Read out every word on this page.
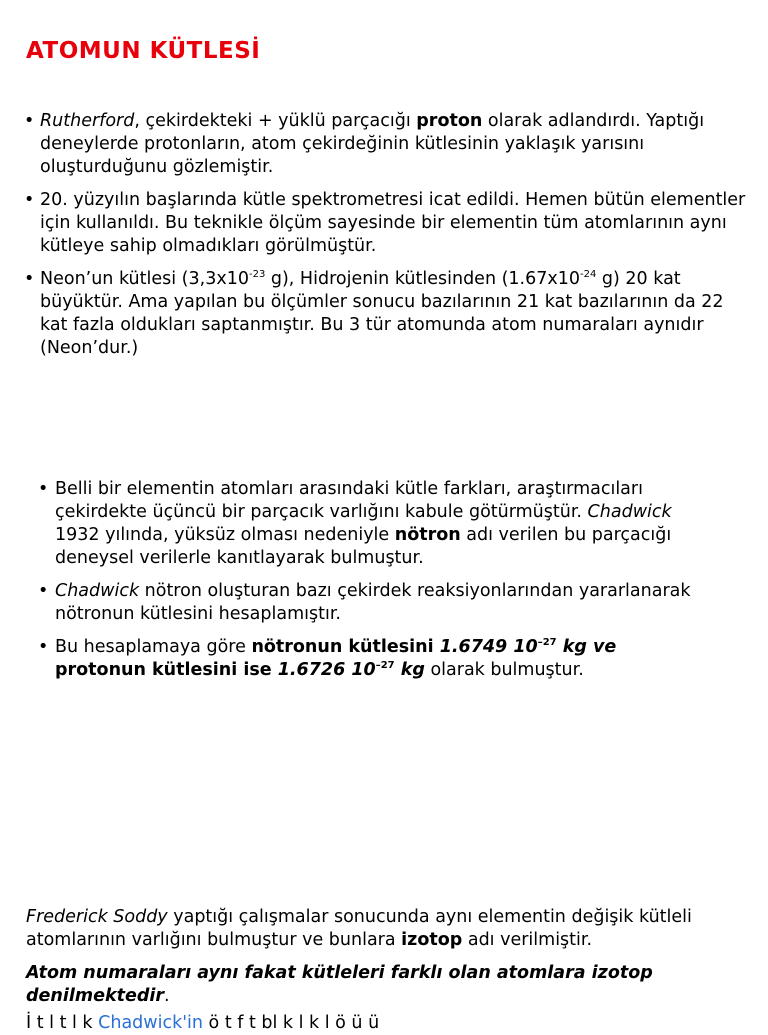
ATOMUN KÜTLESİ
• Rutherford, çekirdekteki + yüklü parçacığı proton olarak adlandırdı. Yaptığı deneylerde protonların, atom çekirdeğinin kütlesinin yaklaşık yarısını oluşturduğunu gözlemiştir.
• 20. yüzyılın başlarında kütle spektrometresi icat edildi. Hemen bütün elementler için kullanıldı. Bu teknikle ölçüm sayesinde bir elementin tüm atomlarının aynı kütleye sahip olmadıkları görülmüştür.
• Neon’un kütlesi ($3,3x10^{-23}$ g), Hidrojenin kütlesinden ($1.67x10^{-24}$ g) 20 kat büyüktür. Ama yapılan bu ölçümler sonucu bazılarının 21 kat bazılarının da 22 kat fazla oldukları saptanmıştır. Bu 3 tür atomunda atom numaraları aynıdır (Neon’dur.)
• Belli bir elementin atomları arasındaki kütle farkları, araştırmacıları çekirdekte üçüncü bir parçacık varlığını kabule götürmüştür. Chadwick 1932 yılında, yüksüz olması nedeniyle nötron adı verilen bu parçacığı deneysel verilerle kanıtlayarak bulmuştur.
• Chadwick nötron oluşturan bazı çekirdek reaksiyonlarından yararlanarak nötronun kütlesini hesaplamıştır.
• Bu hesaplamaya göre nötronun kütlesini 1.6749 $10^{-27}$ kg ve protonun kütlesini ise 1.6726 $10^{-27}$ kg olarak bulmuştur.

Frederick Soddy yaptığı çalışmalar sonucunda aynı elementin değişik kütleli atomlarının varlığını bulmuştur ve bunlara izotop adı verilmiştir.

Atom numaraları aynı fakat kütleleri farklı olan atomlara izotop denilmektedir.

İ t l t l k Chadwick'in ö t f t bl k l k l ö ü ü
